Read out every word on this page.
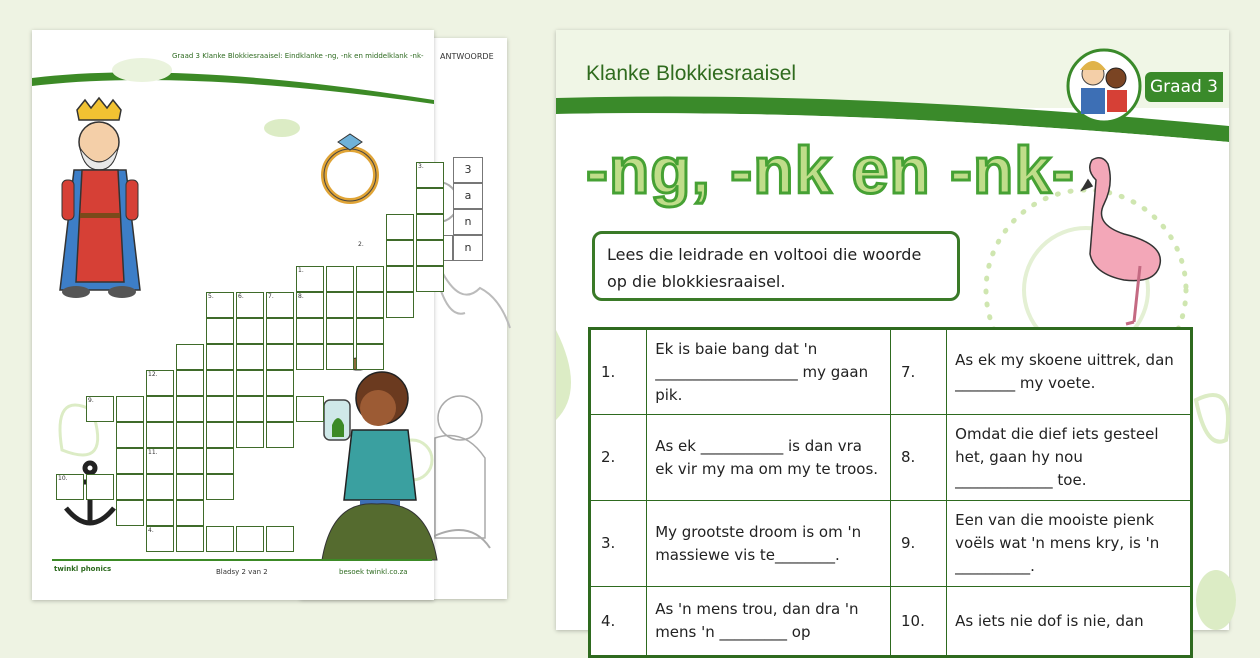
ANTWOORDE
3
a
n
n
Graad 3 Klanke Blokkiesraaisel: Eindklanke -ng, -nk en middelklank -nk-
1.
2.
3.
4.
5.	6.	7.	8.
9.
10.
11.
12.
twinkl phonics	Bladsy 2 van 2	besoek twinkl.co.za
Klanke Blokkiesraaisel
Graad 3
-ng, -nk en -nk-
Lees die leidrade en voltooi die woorde op die blokkiesraaisel.
1.	Ek is baie bang dat 'n ___________________ my gaan pik.	7.	As ek my skoene uittrek, dan ________ my voete.
2.	As ek ___________ is dan vra ek vir my ma om my te troos.	8.	Omdat die dief iets gesteel het, gaan hy nou _____________ toe.
3.	My grootste droom is om 'n massiewe vis te________.	9.	Een van die mooiste pienk voëls wat 'n mens kry, is 'n __________.
4.	As 'n mens trou, dan dra 'n mens 'n _________ op	10.	As iets nie dof is nie, dan
